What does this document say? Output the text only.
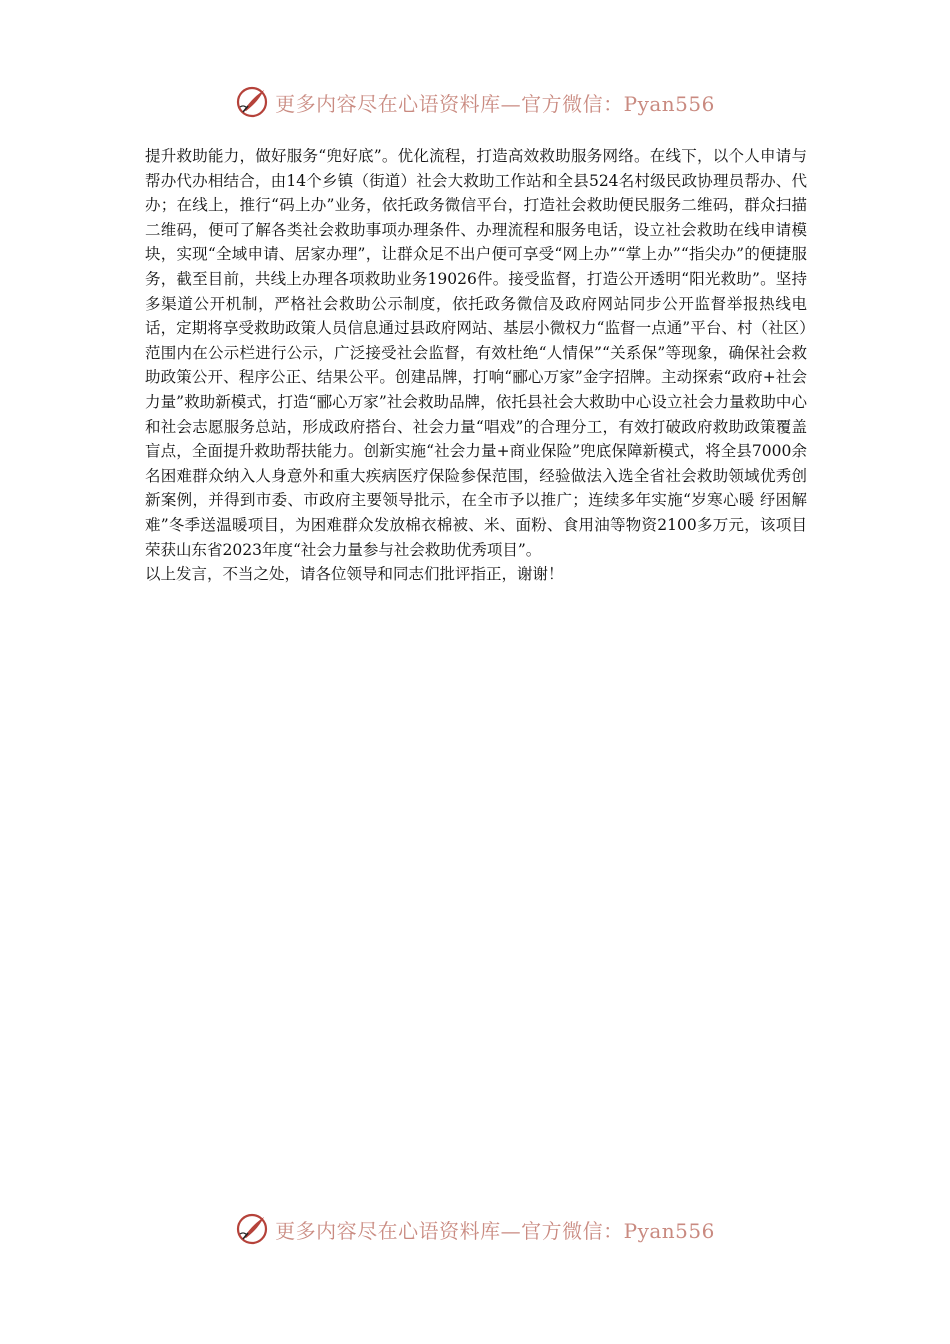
更多内容尽在心语资料库—官方微信：Pyan556

提升救助能力，做好服务“兜好底”。优化流程，打造高效救助服务网络。在线下，以个人申请与帮办代办相结合，由14个乡镇（街道）社会大救助工作站和全县524名村级民政协理员帮办、代办；在线上，推行“码上办”业务，依托政务微信平台，打造社会救助便民服务二维码，群众扫描二维码，便可了解各类社会救助事项办理条件、办理流程和服务电话，设立社会救助在线申请模块，实现“全域申请、居家办理”，让群众足不出户便可享受“网上办”“掌上办”“指尖办”的便捷服务，截至目前，共线上办理各项救助业务19026件。接受监督，打造公开透明“阳光救助”。坚持多渠道公开机制，严格社会救助公示制度，依托政务微信及政府网站同步公开监督举报热线电话，定期将享受救助政策人员信息通过县政府网站、基层小微权力“监督一点通”平台、村（社区）范围内在公示栏进行公示，广泛接受社会监督，有效杜绝“人情保”“关系保”等现象，确保社会救助政策公开、程序公正、结果公平。创建品牌，打响“郦心万家”金字招牌。主动探索“政府+社会力量”救助新模式，打造“郦心万家”社会救助品牌，依托县社会大救助中心设立社会力量救助中心和社会志愿服务总站，形成政府搭台、社会力量“唱戏”的合理分工，有效打破政府救助政策覆盖盲点，全面提升救助帮扶能力。创新实施“社会力量+商业保险”兜底保障新模式，将全县7000余名困难群众纳入人身意外和重大疾病医疗保险参保范围，经验做法入选全省社会救助领域优秀创新案例，并得到市委、市政府主要领导批示，在全市予以推广；连续多年实施“岁寒心暖 纾困解难”冬季送温暖项目，为困难群众发放棉衣棉被、米、面粉、食用油等物资2100多万元，该项目荣获山东省2023年度“社会力量参与社会救助优秀项目”。

以上发言，不当之处，请各位领导和同志们批评指正，谢谢！

更多内容尽在心语资料库—官方微信：Pyan556
